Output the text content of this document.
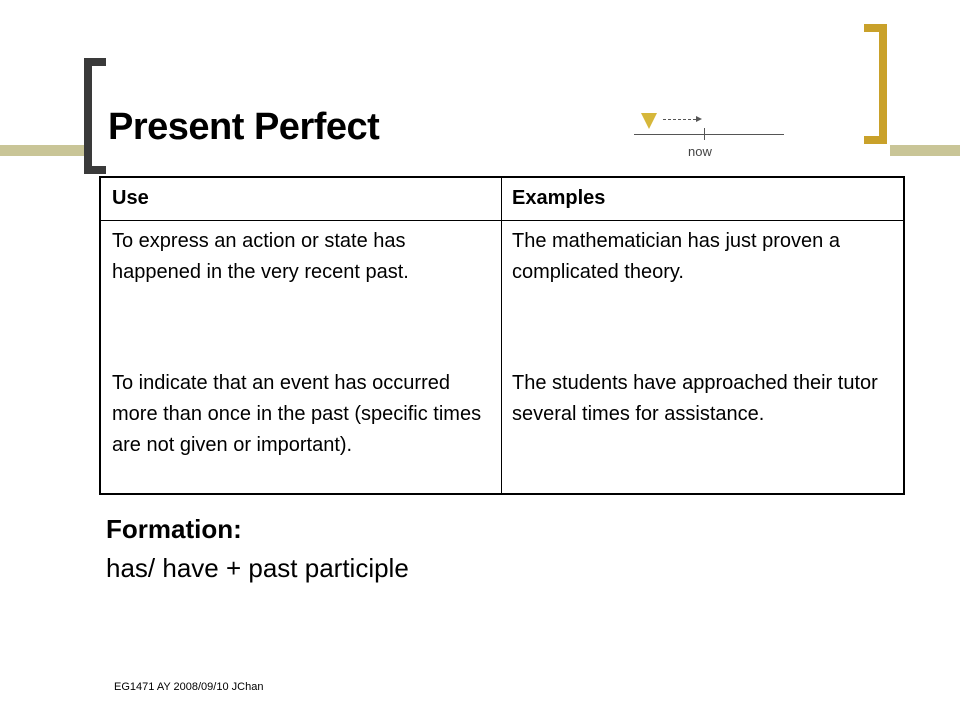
Present Perfect
now
Use	Examples

To express an action or state has happened in the very recent past.

The mathematician has just proven a complicated theory.

To indicate that an event has occurred more than once in the past (specific times are not given or important).

The students have approached their tutor several times for assistance.

Formation:

has/ have + past participle

EG1471 AY 2008/09/10 JChan
